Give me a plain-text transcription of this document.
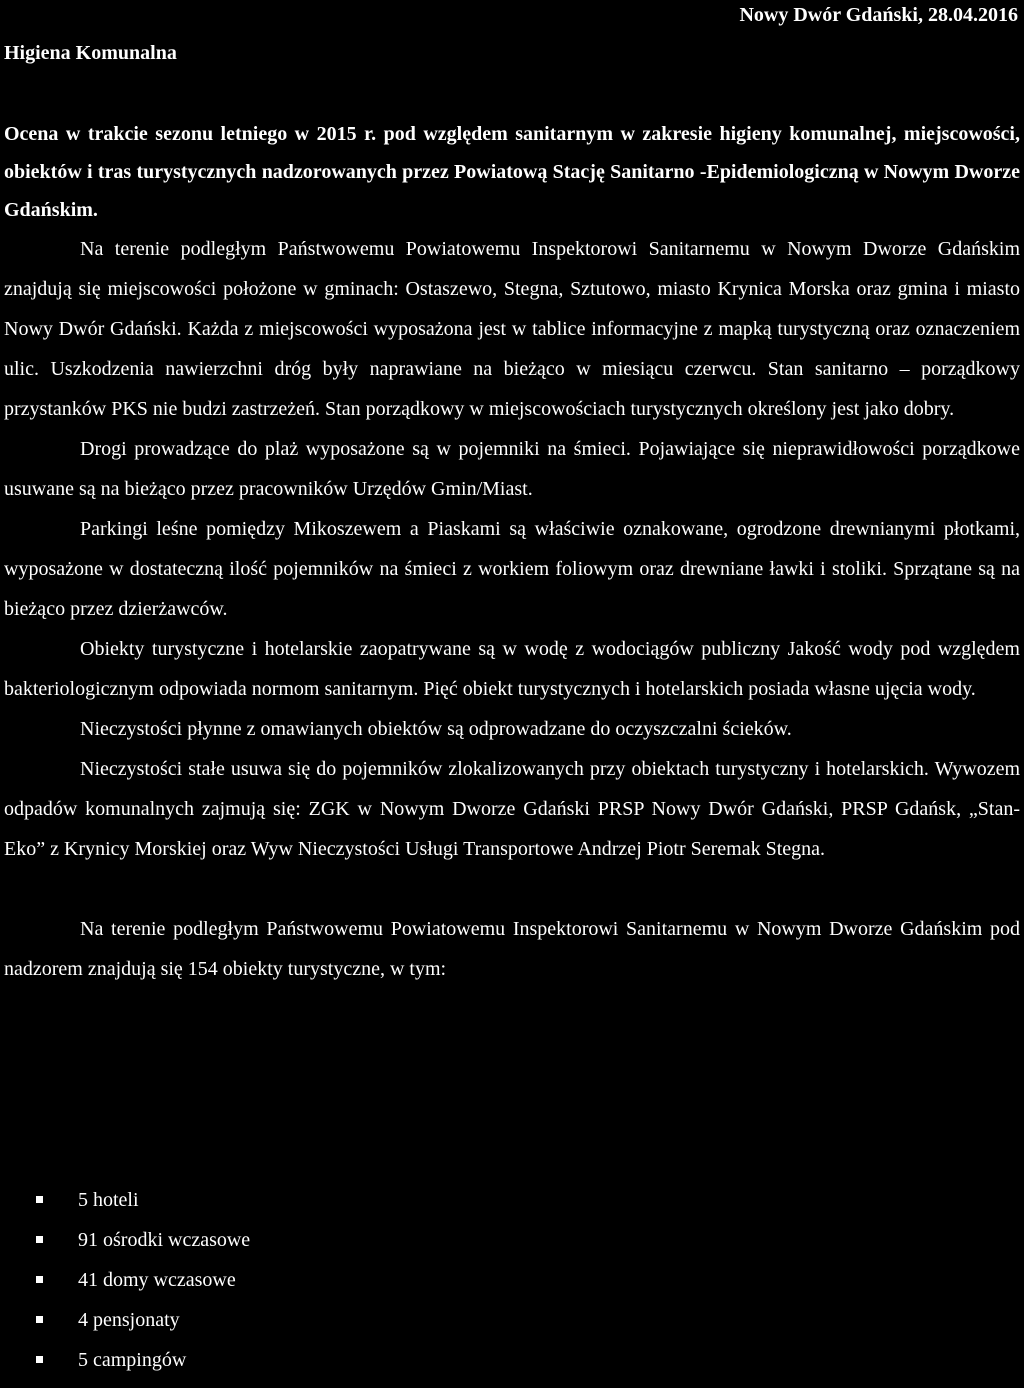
Nowy Dwór Gdański, 28.04.2016
Higiena Komunalna
Ocena w trakcie sezonu letniego w 2015 r. pod względem sanitarnym w zakresie higieny komunalnej, miejscowości, obiektów i tras turystycznych nadzorowanych przez Powiatową Stację Sanitarno -Epidemiologiczną w Nowym Dworze Gdańskim.

Na terenie podległym Państwowemu Powiatowemu Inspektorowi Sanitarnemu w Nowym Dworze Gdańskim znajdują się miejscowości położone w gminach: Ostaszewo, Stegna, Sztutowo, miasto Krynica Morska oraz gmina i miasto Nowy Dwór Gdański. Każda z miejscowości wyposażona jest w tablice informacyjne z mapką turystyczną oraz oznaczeniem ulic. Uszkodzenia nawierzchni dróg były naprawiane na bieżąco w miesiącu czerwcu. Stan sanitarno – porządkowy przystanków PKS nie budzi zastrzeżeń. Stan porządkowy w miejscowościach turystycznych określony jest jako dobry.

Drogi prowadzące do plaż wyposażone są w pojemniki na śmieci. Pojawiające się nieprawidłowości porządkowe usuwane są na bieżąco przez pracowników Urzędów Gmin/Miast.

Parkingi leśne pomiędzy Mikoszewem a Piaskami są właściwie oznakowane, ogrodzone drewnianymi płotkami, wyposażone w dostateczną ilość pojemników na śmieci z workiem foliowym oraz drewniane ławki i stoliki. Sprzątane są na bieżąco przez dzierżawców.

Obiekty turystyczne i hotelarskie zaopatrywane są w wodę z wodociągów publiczny Jakość wody pod względem bakteriologicznym odpowiada normom sanitarnym. Pięć obiekt turystycznych i hotelarskich posiada własne ujęcia wody.

Nieczystości płynne z omawianych obiektów są odprowadzane do oczyszczalni ścieków.

Nieczystości stałe usuwa się do pojemników zlokalizowanych przy obiektach turystyczny i hotelarskich. Wywozem odpadów komunalnych zajmują się: ZGK w Nowym Dworze Gdański PRSP Nowy Dwór Gdański, PRSP Gdańsk, „Stan- Eko” z Krynicy Morskiej oraz Wyw Nieczystości Usługi Transportowe Andrzej Piotr Seremak Stegna.

Na terenie podległym Państwowemu Powiatowemu Inspektorowi Sanitarnemu w Nowym Dworze Gdańskim pod nadzorem znajdują się 154 obiekty turystyczne, w tym:

5 hoteli
91 ośrodki wczasowe
41 domy wczasowe
4 pensjonaty
5 campingów
